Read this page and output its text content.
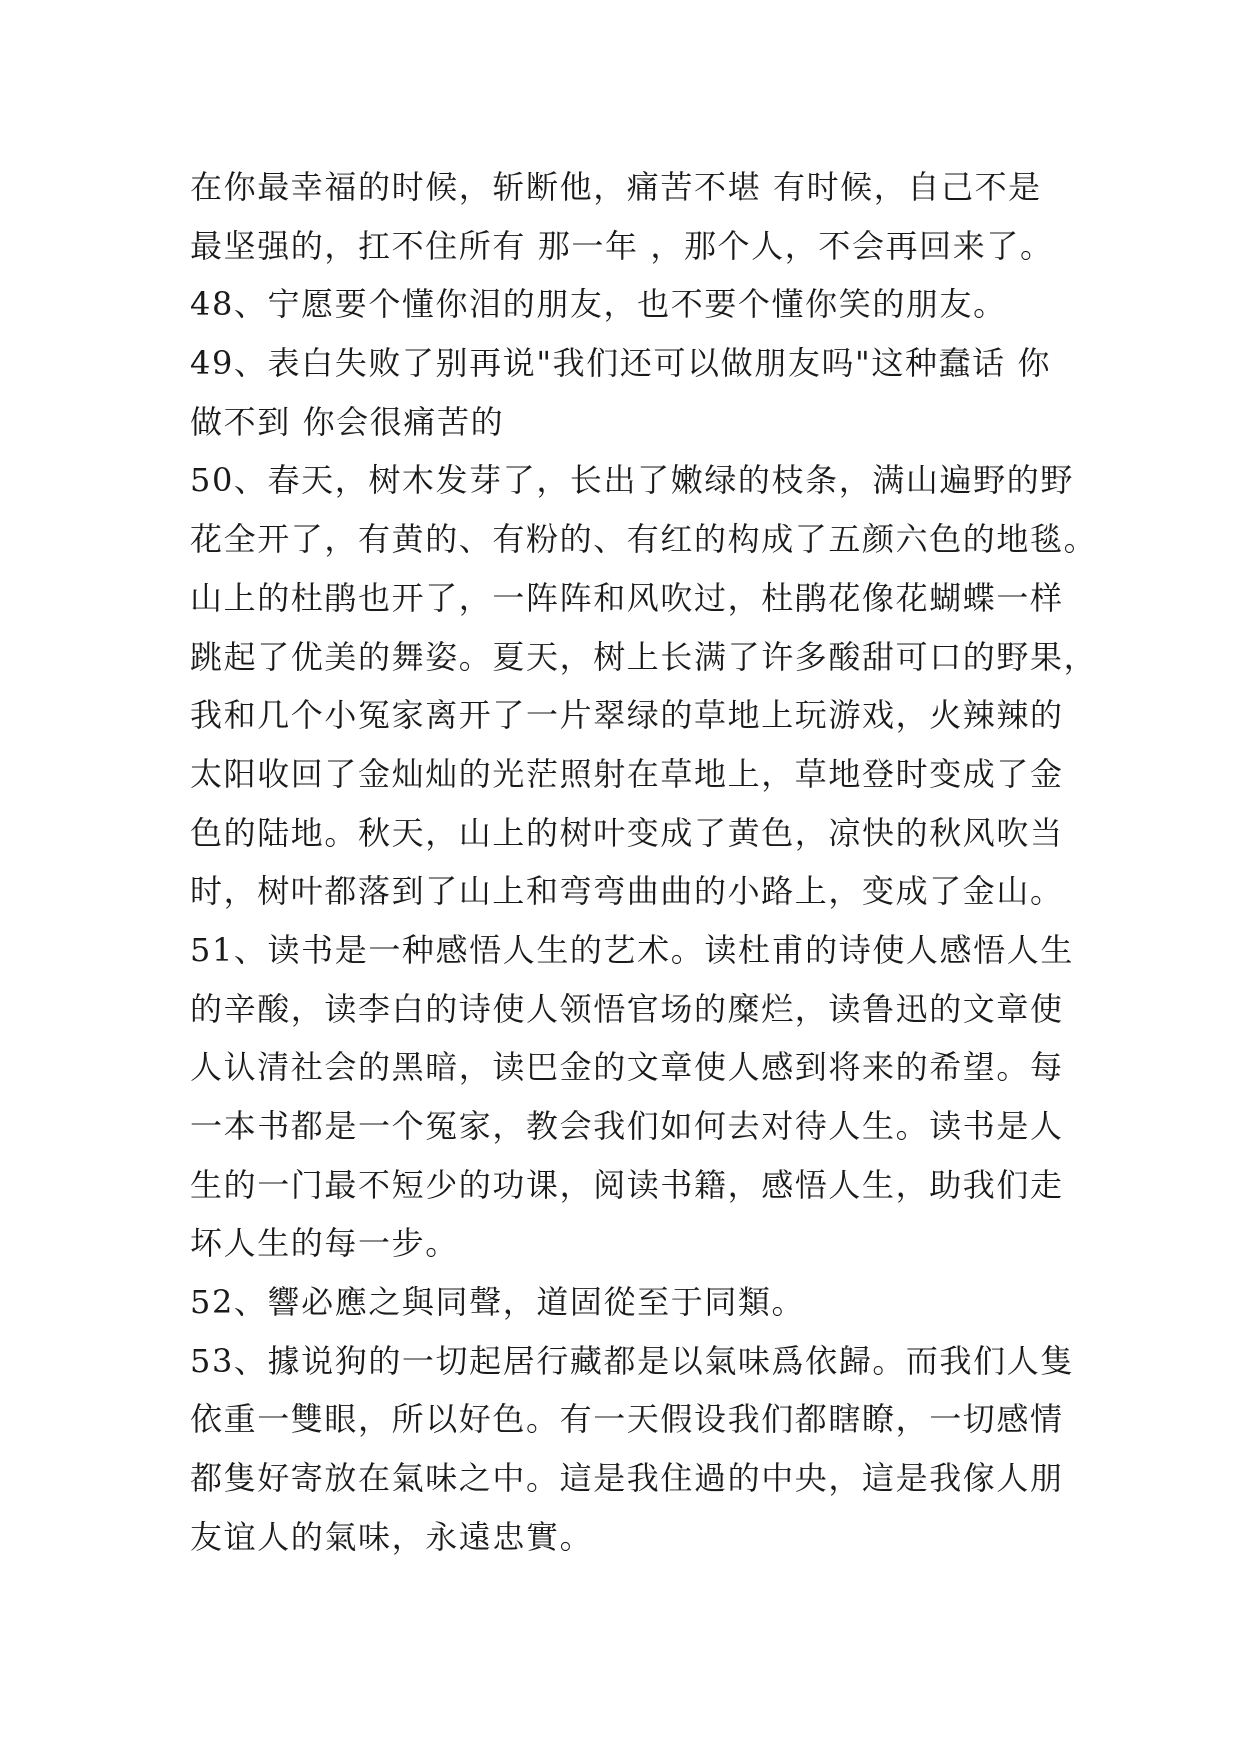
在你最幸福的时候，斩断他，痛苦不堪 有时候，自己不是
最坚强的，扛不住所有 那一年 ，那个人，不会再回来了。
48、宁愿要个懂你泪的朋友，也不要个懂你笑的朋友。
49、表白失败了别再说"我们还可以做朋友吗"这种蠢话 你
做不到 你会很痛苦的
50、春天，树木发芽了，长出了嫩绿的枝条，满山遍野的野
花全开了，有黄的、有粉的、有红的构成了五颜六色的地毯。
山上的杜鹃也开了，一阵阵和风吹过，杜鹃花像花蝴蝶一样
跳起了优美的舞姿。夏天，树上长满了许多酸甜可口的野果，
我和几个小冤家离开了一片翠绿的草地上玩游戏，火辣辣的
太阳收回了金灿灿的光茫照射在草地上，草地登时变成了金
色的陆地。秋天，山上的树叶变成了黄色，凉快的秋风吹当
时，树叶都落到了山上和弯弯曲曲的小路上，变成了金山。
51、读书是一种感悟人生的艺术。读杜甫的诗使人感悟人生
的辛酸，读李白的诗使人领悟官场的糜烂，读鲁迅的文章使
人认清社会的黑暗，读巴金的文章使人感到将来的希望。每
一本书都是一个冤家，教会我们如何去对待人生。读书是人
生的一门最不短少的功课，阅读书籍，感悟人生，助我们走
坏人生的每一步。
52、響必應之與同聲，道固從至于同類。
53、據说狗的一切起居行藏都是以氣味爲依歸。而我们人隻
依重一雙眼，所以好色。有一天假设我们都瞎瞭，一切感情
都隻好寄放在氣味之中。這是我住過的中央，這是我傢人朋
友谊人的氣味，永遠忠實。
